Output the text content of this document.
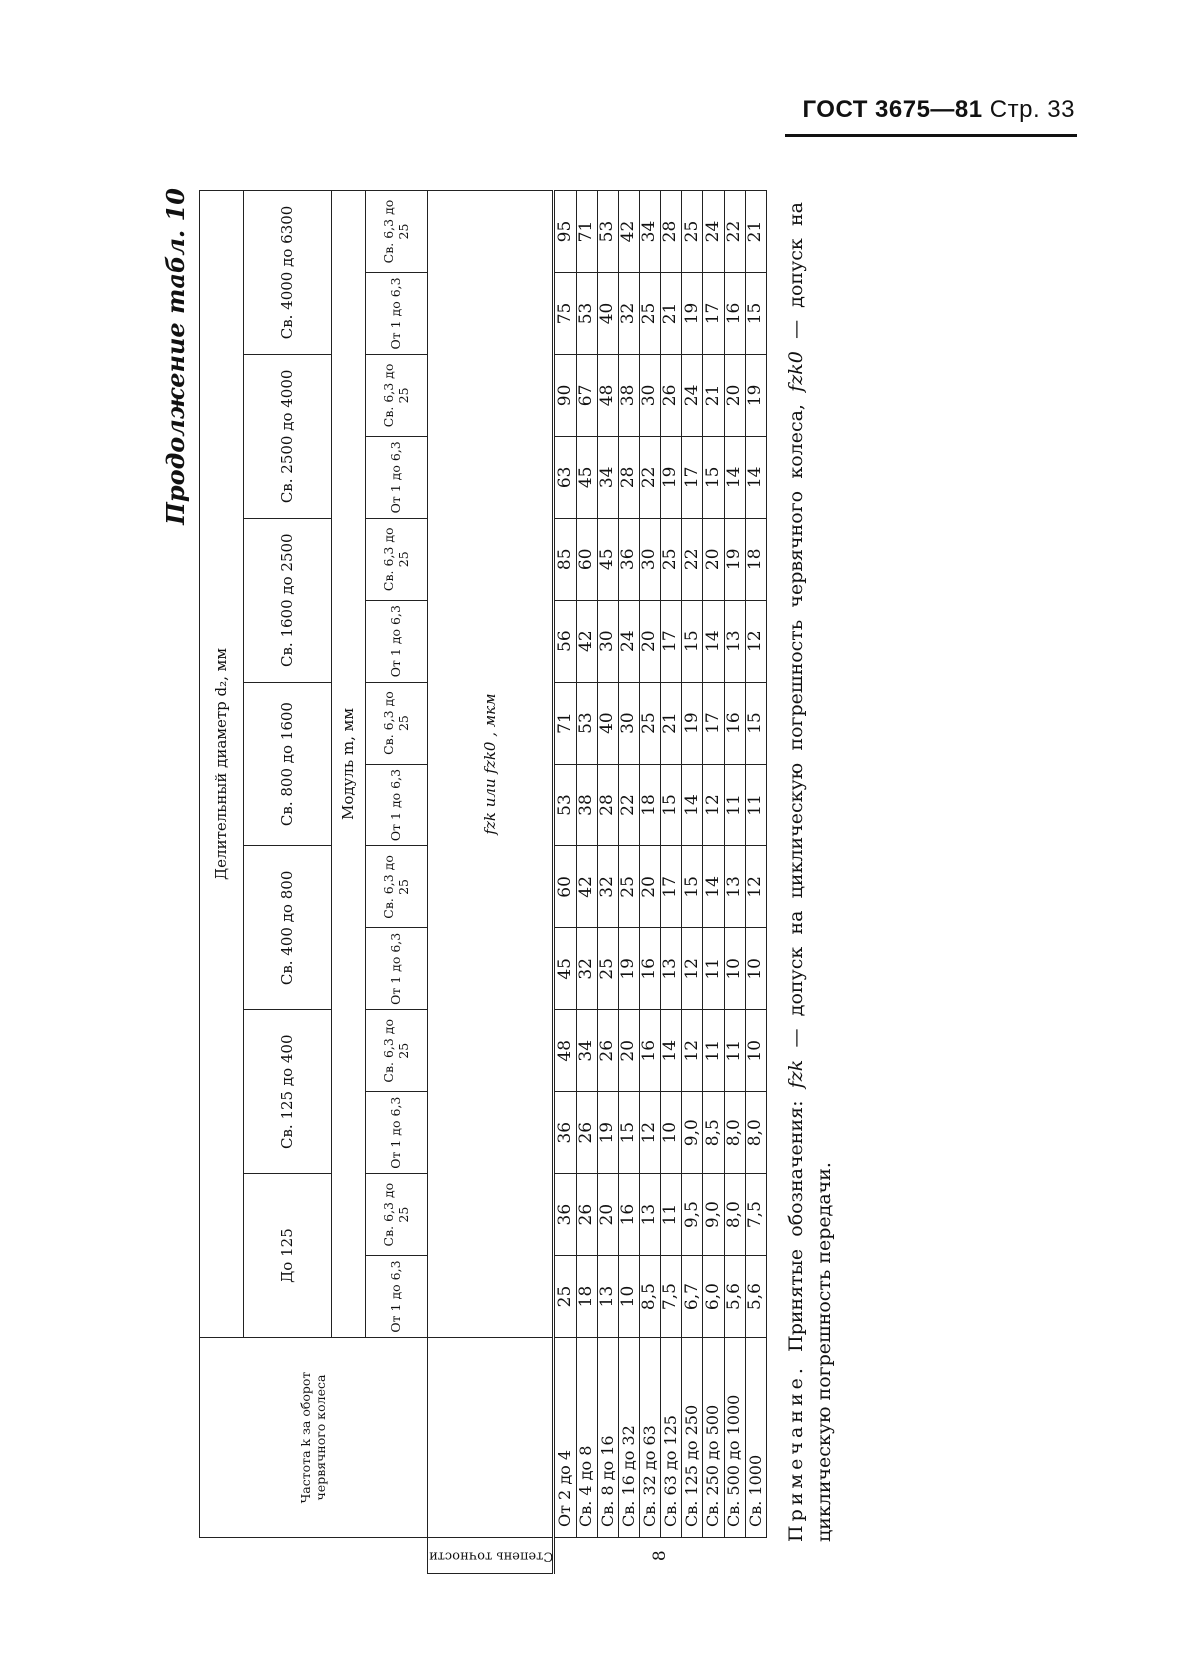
ГОСТ 3675—81 Стр. 33
Продолжение табл. 10
	Частота k за оборот червячного колеса	Делительный диаметр d₂, мм													
		До 125		Св. 125 до 400		Св. 400 до 800		Св. 800 до 1600		Св. 1600 до 2500		Св. 2500 до 4000		Св. 4000 до 6300	
		Модуль m, мм													
		От 1 до 6,3	Св. 6,3 до 25	От 1 до 6,3	Св. 6,3 до 25	От 1 до 6,3	Св. 6,3 до 25	От 1 до 6,3	Св. 6,3 до 25	От 1 до 6,3	Св. 6,3 до 25	От 1 до 6,3	Св. 6,3 до 25	От 1 до 6,3	Св. 6,3 до 25
Степень точности		fzk или fzk0 , мкм													
8	От 2 до 4	25	36	36	48	45	60	53	71	56	85	63	90	75	95
	Св. 4 до 8	18	26	26	34	32	42	38	53	42	60	45	67	53	71
	Св. 8 до 16	13	20	19	26	25	32	28	40	30	45	34	48	40	53
	Св. 16 до 32	10	16	15	20	19	25	22	30	24	36	28	38	32	42
	Св. 32 до 63	8,5	13	12	16	16	20	18	25	20	30	22	30	25	34
	Св. 63 до 125	7,5	11	10	14	13	17	15	21	17	25	19	26	21	28
	Св. 125 до 250	6,7	9,5	9,0	12	12	15	14	19	15	22	17	24	19	25
	Св. 250 до 500	6,0	9,0	8,5	11	11	14	12	17	14	20	15	21	17	24
	Св. 500 до 1000	5,6	8,0	8,0	11	10	13	11	16	13	19	14	20	16	22
	Св. 1000	5,6	7,5	8,0	10	10	12	11	15	12	18	14	19	15	21
Примечание. Принятые обозначения: fzk — допуск на циклическую погрешность червячного колеса, fzk0 — допуск на циклическую погрешность передачи.
